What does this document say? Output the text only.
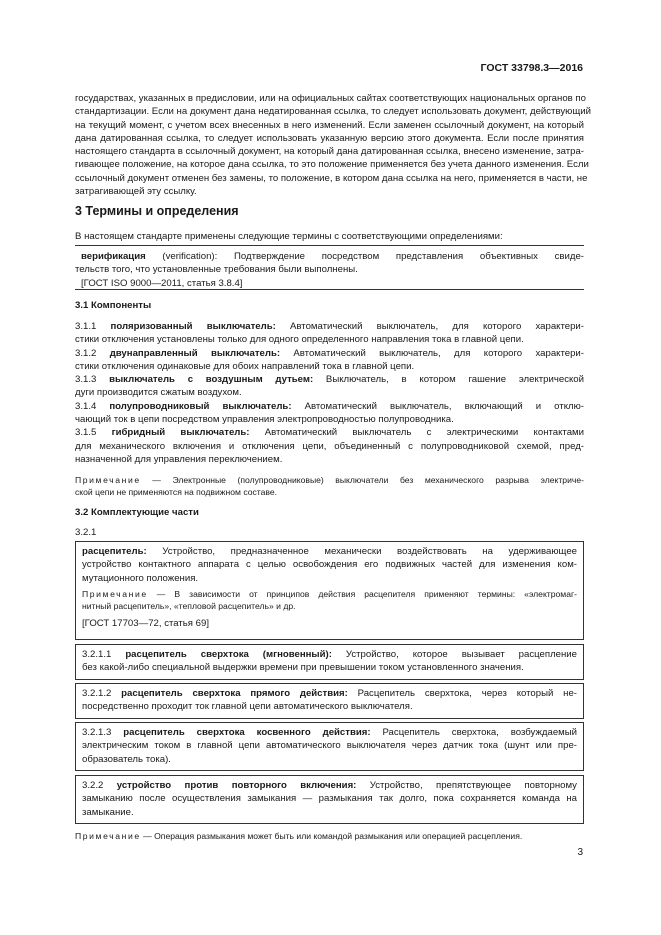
ГОСТ 33798.3—2016
государствах, указанных в предисловии, или на официальных сайтах соответствующих национальных органов по
стандартизации. Если на документ дана недатированная ссылка, то следует использовать документ, действующий
на текущий момент, с учетом всех внесенных в него изменений. Если заменен ссылочный документ, на который
дана датированная ссылка, то следует использовать указанную версию этого документа. Если после принятия
настоящего стандарта в ссылочный документ, на который дана датированная ссылка, внесено изменение, затра-
гивающее положение, на которое дана ссылка, то это положение применяется без учета данного изменения. Если
ссылочный документ отменен без замены, то положение, в котором дана ссылка на него, применяется в части, не
затрагивающей эту ссылку.
3 Термины и определения
В настоящем стандарте применены следующие термины с соответствующими определениями:
верификация (verification): Подтверждение посредством представления объективных свиде-
тельств того, что установленные требования были выполнены.
[ГОСТ ISO 9000—2011, статья 3.8.4]
3.1 Компоненты
3.1.1 поляризованный выключатель: Автоматический выключатель, для которого характери-
стики отключения установлены только для одного определенного направления тока в главной цепи.
3.1.2 двунаправленный выключатель: Автоматический выключатель, для которого характери-
стики отключения одинаковые для обоих направлений тока в главной цепи.
3.1.3 выключатель с воздушным дутьем: Выключатель, в котором гашение электрической
дуги производится сжатым воздухом.
3.1.4 полупроводниковый выключатель: Автоматический выключатель, включающий и отклю-
чающий ток в цепи посредством управления электропроводностью полупроводника.
3.1.5 гибридный выключатель: Автоматический выключатель с электрическими контактами
для механического включения и отключения цепи, объединенный с полупроводниковой схемой, пред-
назначенной для управления переключением.
Примечание — Электронные (полупроводниковые) выключатели без механического разрыва электриче-
ской цепи не применяются на подвижном составе.
3.2 Комплектующие части
3.2.1
расцепитель: Устройство, предназначенное механически воздействовать на удерживающее
устройство контактного аппарата с целью освобождения его подвижных частей для изменения ком-
мутационного положения.
Примечание — В зависимости от принципов действия расцепителя применяют термины: «электромаг-
нитный расцепитель», «тепловой расцепитель» и др.
[ГОСТ 17703—72, статья 69]
3.2.1.1 расцепитель сверхтока (мгновенный): Устройство, которое вызывает расцепление
без какой-либо специальной выдержки времени при превышении током установленного значения.
3.2.1.2 расцепитель сверхтока прямого действия: Расцепитель сверхтока, через который не-
посредственно проходит ток главной цепи автоматического выключателя.
3.2.1.3 расцепитель сверхтока косвенного действия: Расцепитель сверхтока, возбуждаемый
электрическим током в главной цепи автоматического выключателя через датчик тока (шунт или пре-
образователь тока).
3.2.2 устройство против повторного включения: Устройство, препятствующее повторному
замыканию после осуществления замыкания — размыкания так долго, пока сохраняется команда на
замыкание.
Примечание — Операция размыкания может быть или командой размыкания или операцией расцепления.
3
